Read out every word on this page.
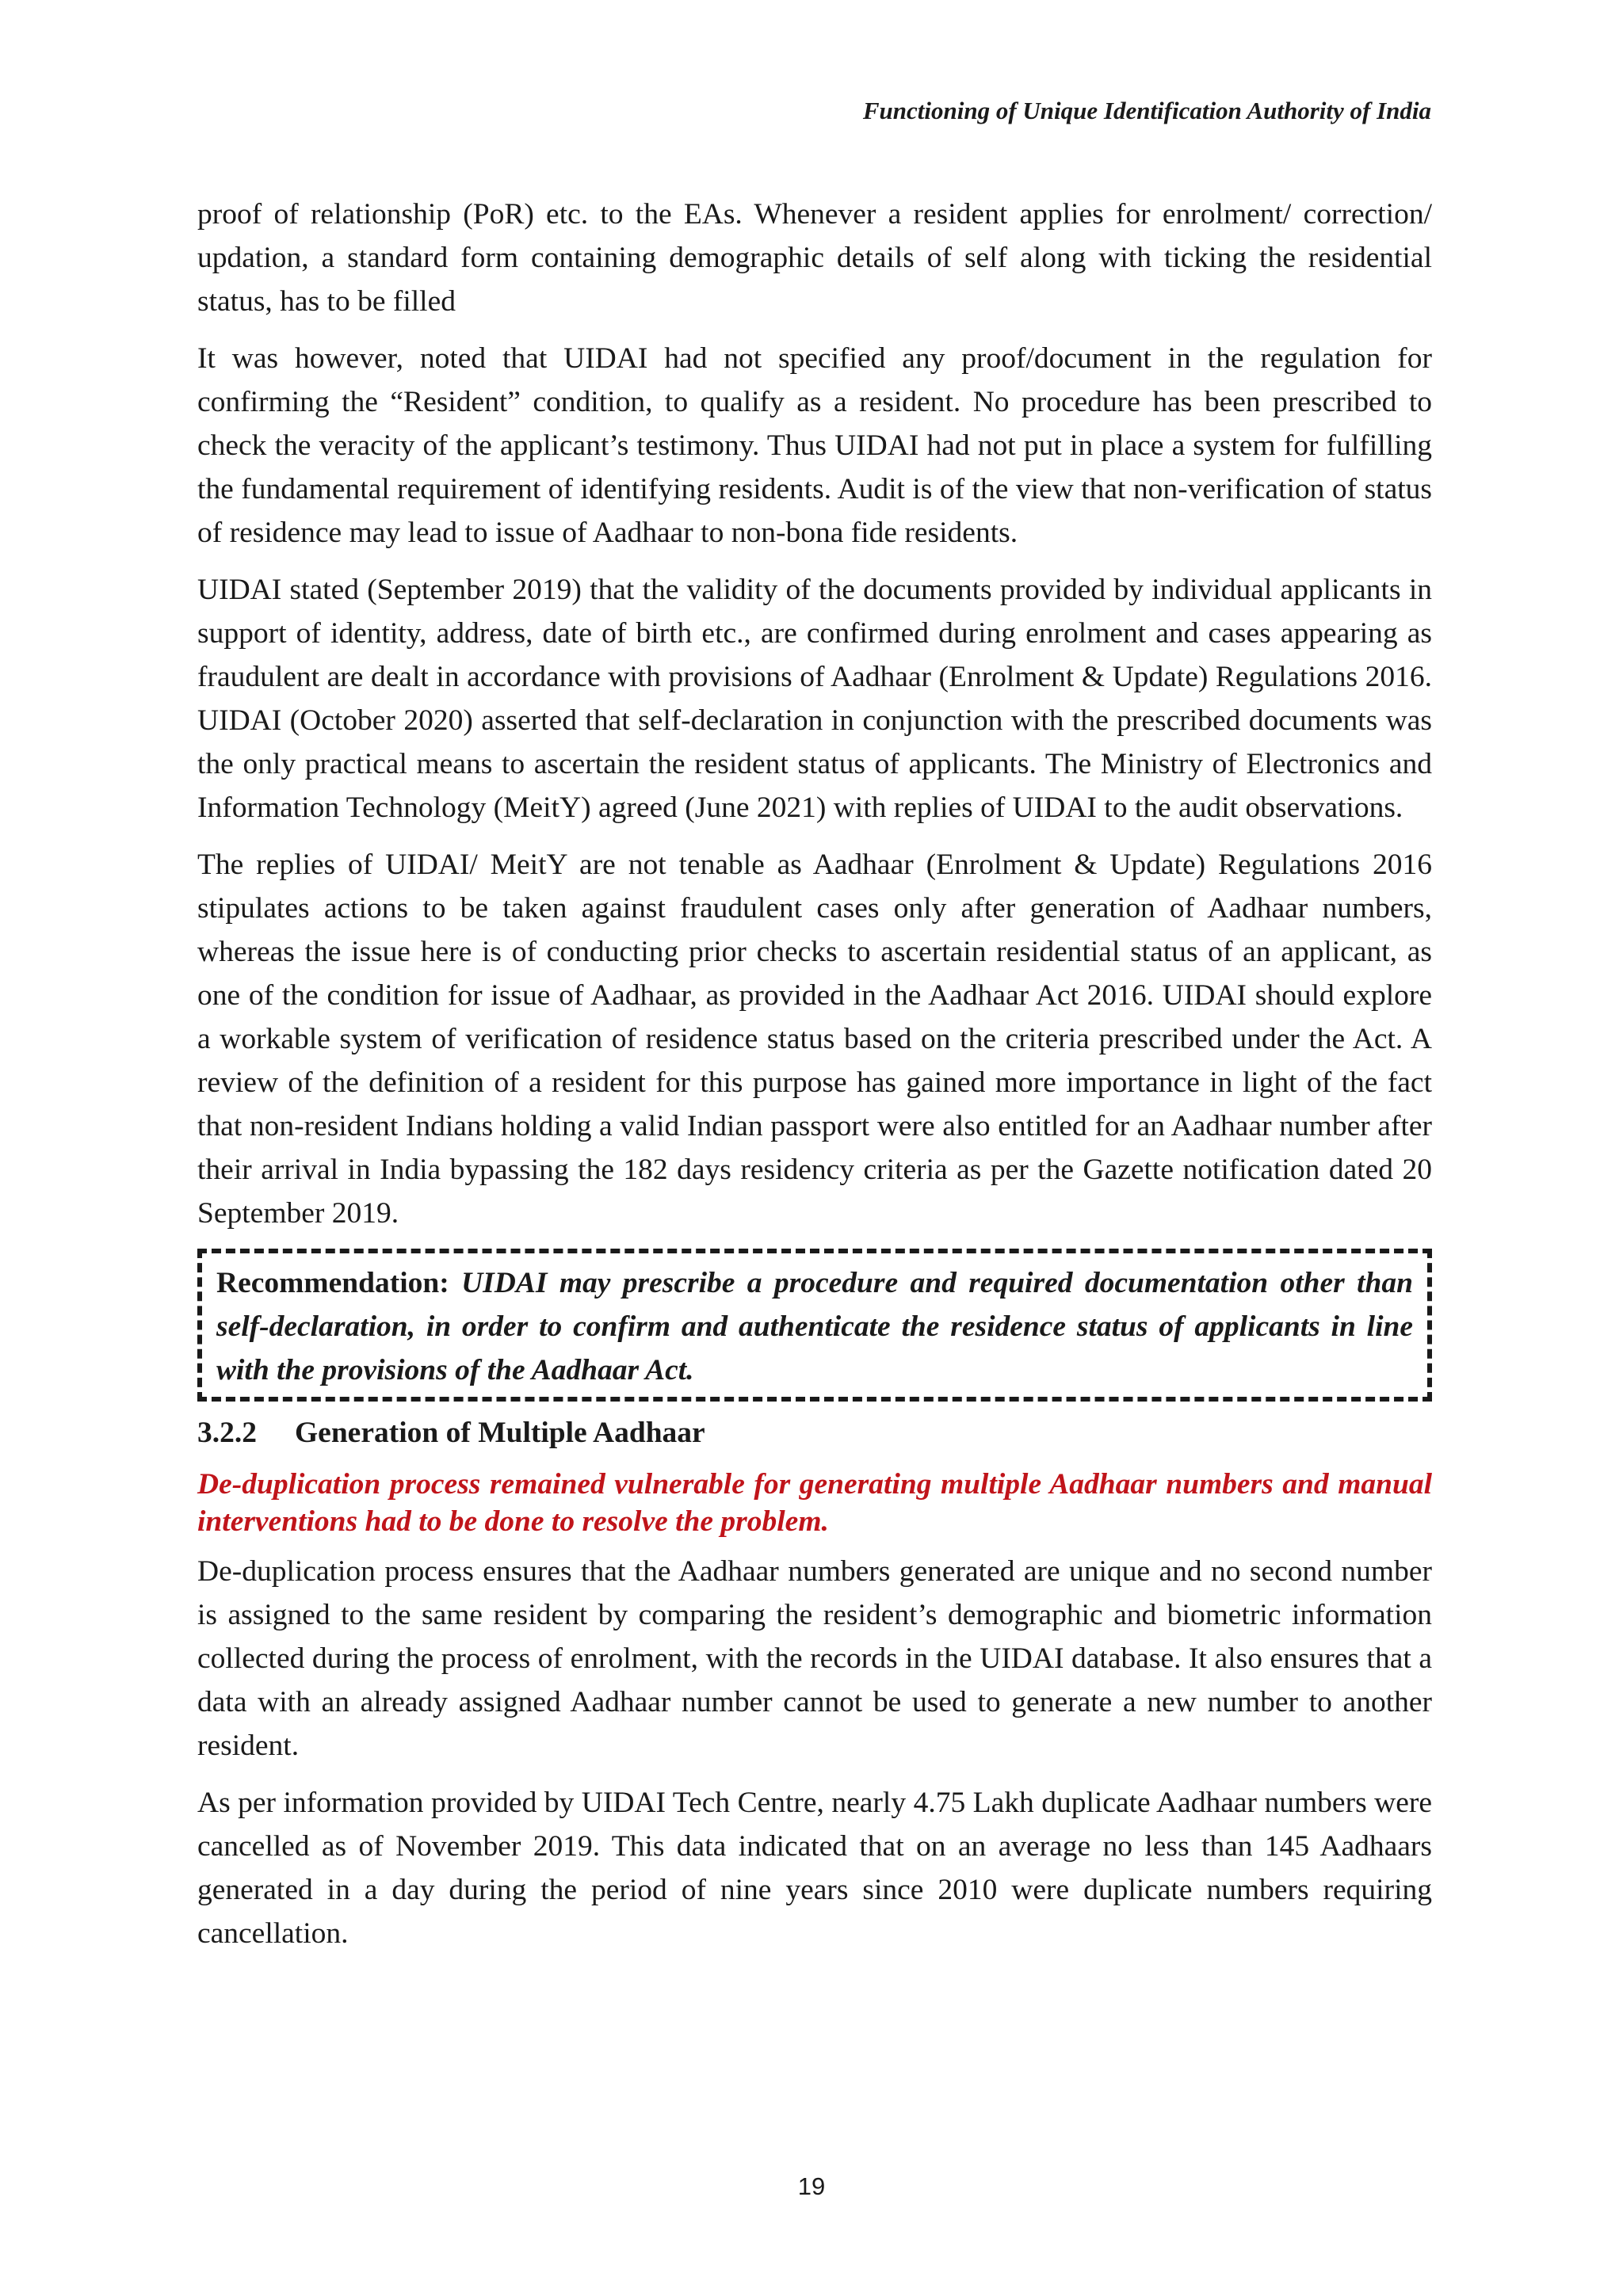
Functioning of Unique Identification Authority of India

proof of relationship (PoR) etc. to the EAs. Whenever a resident applies for enrolment/ correction/ updation, a standard form containing demographic details of self along with ticking the residential status, has to be filled

It was however, noted that UIDAI had not specified any proof/document in the regulation for confirming the “Resident” condition, to qualify as a resident. No procedure has been prescribed to check the veracity of the applicant’s testimony. Thus UIDAI had not put in place a system for fulfilling the fundamental requirement of identifying residents. Audit is of the view that non-verification of status of residence may lead to issue of Aadhaar to non-bona fide residents.

UIDAI stated (September 2019) that the validity of the documents provided by individual applicants in support of identity, address, date of birth etc., are confirmed during enrolment and cases appearing as fraudulent are dealt in accordance with provisions of Aadhaar (Enrolment & Update) Regulations 2016. UIDAI (October 2020) asserted that self-declaration in conjunction with the prescribed documents was the only practical means to ascertain the resident status of applicants. The Ministry of Electronics and Information Technology (MeitY) agreed (June 2021) with replies of UIDAI to the audit observations.

The replies of UIDAI/ MeitY are not tenable as Aadhaar (Enrolment & Update) Regulations 2016 stipulates actions to be taken against fraudulent cases only after generation of Aadhaar numbers, whereas the issue here is of conducting prior checks to ascertain residential status of an applicant, as one of the condition for issue of Aadhaar, as provided in the Aadhaar Act 2016. UIDAI should explore a workable system of verification of residence status based on the criteria prescribed under the Act. A review of the definition of a resident for this purpose has gained more importance in light of the fact that non-resident Indians holding a valid Indian passport were also entitled for an Aadhaar number after their arrival in India bypassing the 182 days residency criteria as per the Gazette notification dated 20 September 2019.

Recommendation: UIDAI may prescribe a procedure and required documentation other than self-declaration, in order to confirm and authenticate the residence status of applicants in line with the provisions of the Aadhaar Act.
3.2.2 Generation of Multiple Aadhaar
De-duplication process remained vulnerable for generating multiple Aadhaar numbers and manual interventions had to be done to resolve the problem.

De-duplication process ensures that the Aadhaar numbers generated are unique and no second number is assigned to the same resident by comparing the resident’s demographic and biometric information collected during the process of enrolment, with the records in the UIDAI database. It also ensures that a data with an already assigned Aadhaar number cannot be used to generate a new number to another resident.

As per information provided by UIDAI Tech Centre, nearly 4.75 Lakh duplicate Aadhaar numbers were cancelled as of November 2019. This data indicated that on an average no less than 145 Aadhaars generated in a day during the period of nine years since 2010 were duplicate numbers requiring cancellation.

19
